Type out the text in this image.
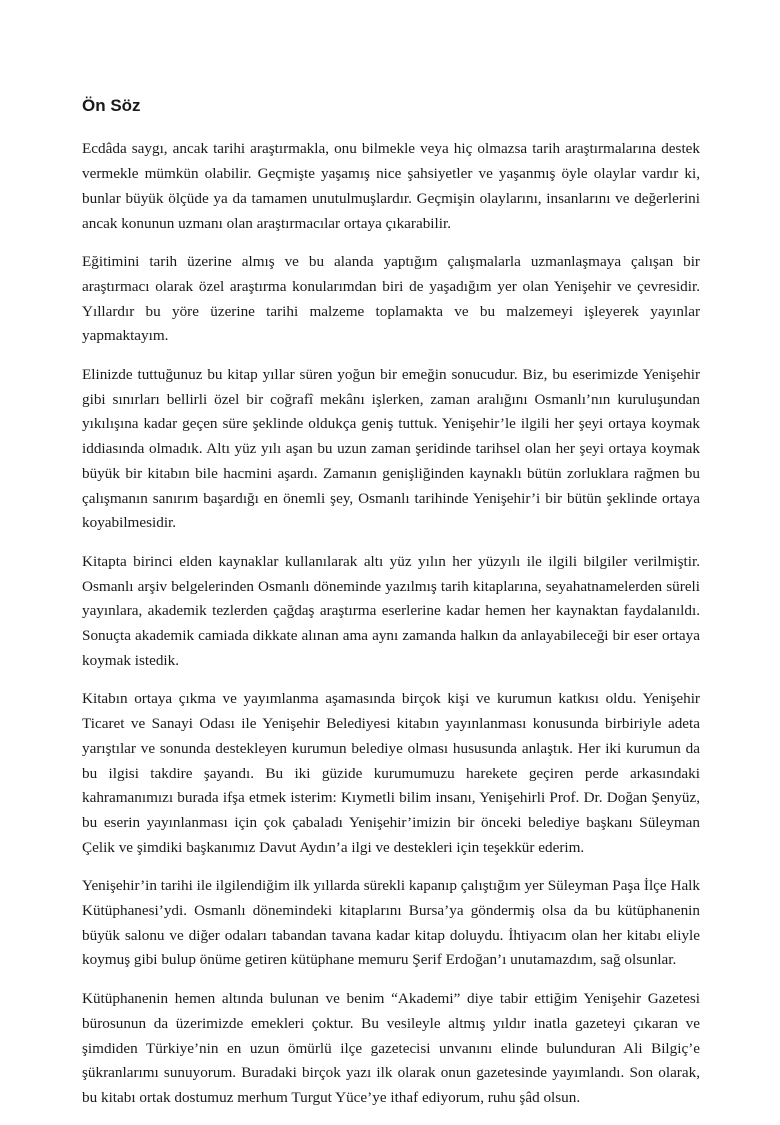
Ön Söz

Ecdâda saygı, ancak tarihi araştırmakla, onu bilmekle veya hiç olmazsa tarih araştırmalarına destek vermekle mümkün olabilir. Geçmişte yaşamış nice şahsiyetler ve yaşanmış öyle olaylar vardır ki, bunlar büyük ölçüde ya da tamamen unutulmuşlardır. Geçmişin olaylarını, insanlarını ve değerlerini ancak konunun uzmanı olan araştırmacılar ortaya çıkarabilir.

Eğitimini tarih üzerine almış ve bu alanda yaptığım çalışmalarla uzmanlaşmaya çalışan bir araştırmacı olarak özel araştırma konularımdan biri de yaşadığım yer olan Yenişehir ve çevresidir. Yıllardır bu yöre üzerine tarihi malzeme toplamakta ve bu malzemeyi işleyerek yayınlar yapmaktayım.

Elinizde tuttuğunuz bu kitap yıllar süren yoğun bir emeğin sonucudur. Biz, bu eserimizde Yenişehir gibi sınırları bellirli özel bir coğrafî mekânı işlerken, zaman aralığını Osmanlı’nın kuruluşundan yıkılışına kadar geçen süre şeklinde oldukça geniş tuttuk. Yenişehir’le ilgili her şeyi ortaya koymak iddiasında olmadık. Altı yüz yılı aşan bu uzun zaman şeridinde tarihsel olan her şeyi ortaya koymak büyük bir kitabın bile hacmini aşardı. Zamanın genişliğinden kaynaklı bütün zorluklara rağmen bu çalışmanın sanırım başardığı en önemli şey, Osmanlı tarihinde Yenişehir’i bir bütün şeklinde ortaya koyabilmesidir.

Kitapta birinci elden kaynaklar kullanılarak altı yüz yılın her yüzyılı ile ilgili bilgiler verilmiştir. Osmanlı arşiv belgelerinden Osmanlı döneminde yazılmış tarih kitaplarına, seyahatnamelerden süreli yayınlara, akademik tezlerden çağdaş araştırma eserlerine kadar hemen her kaynaktan faydalanıldı. Sonuçta akademik camiada dikkate alınan ama aynı zamanda halkın da anlayabileceği bir eser ortaya koymak istedik.

Kitabın ortaya çıkma ve yayımlanma aşamasında birçok kişi ve kurumun katkısı oldu. Yenişehir Ticaret ve Sanayi Odası ile Yenişehir Belediyesi kitabın yayınlanması konusunda birbiriyle adeta yarıştılar ve sonunda destekleyen kurumun belediye olması hususunda anlaştık. Her iki kurumun da bu ilgisi takdire şayandı. Bu iki güzide kurumumuzu harekete geçiren perde arkasındaki kahramanımızı burada ifşa etmek isterim: Kıymetli bilim insanı, Yenişehirli Prof. Dr. Doğan Şenyüz, bu eserin yayınlanması için çok çabaladı Yenişehir’imizin bir önceki belediye başkanı Süleyman Çelik ve şimdiki başkanımız Davut Aydın’a ilgi ve destekleri için teşekkür ederim.

Yenişehir’in tarihi ile ilgilendiğim ilk yıllarda sürekli kapanıp çalıştığım yer Süleyman Paşa İlçe Halk Kütüphanesi’ydi. Osmanlı dönemindeki kitaplarını Bursa’ya göndermiş olsa da bu kütüphanenin büyük salonu ve diğer odaları tabandan tavana kadar kitap doluydu. İhtiyacım olan her kitabı eliyle koymuş gibi bulup önüme getiren kütüphane memuru Şerif Erdoğan’ı unutamazdım, sağ olsunlar.

Kütüphanenin hemen altında bulunan ve benim “Akademi” diye tabir ettiğim Yenişehir Gazetesi bürosunun da üzerimizde emekleri çoktur. Bu vesileyle altmış yıldır inatla gazeteyi çıkaran ve şimdiden Türkiye’nin en uzun ömürlü ilçe gazetecisi unvanını elinde bulunduran Ali Bilgiç’e şükranlarımı sunuyorum. Buradaki birçok yazı ilk olarak onun gazetesinde yayımlandı. Son olarak, bu kitabı ortak dostumuz merhum Turgut Yüce’ye ithaf ediyorum, ruhu şâd olsun.
